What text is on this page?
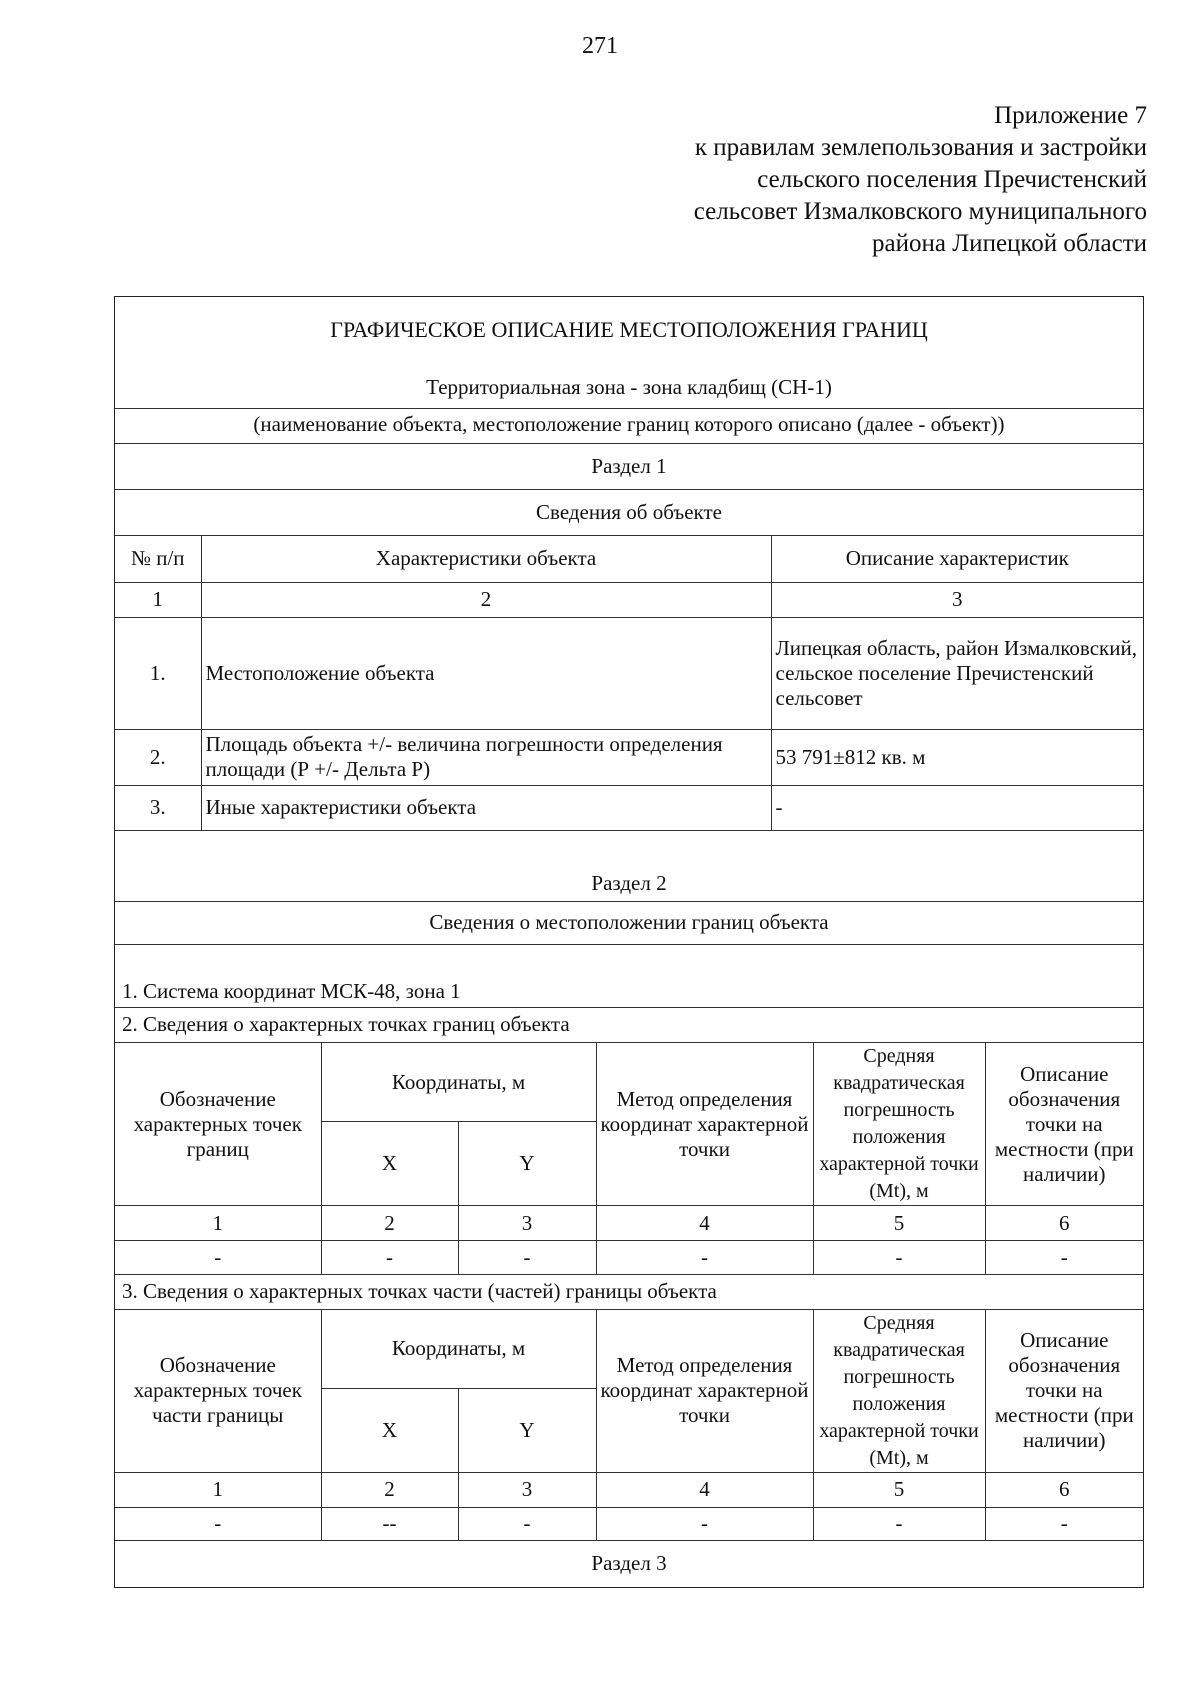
271
Приложение 7
к правилам землепользования и застройки
сельского поселения Пречистенский
сельсовет Измалковского муниципального
района Липецкой области
ГРАФИЧЕСКОЕ ОПИСАНИЕ МЕСТОПОЛОЖЕНИЯ ГРАНИЦ
Территориальная зона - зона кладбищ (СН-1)
(наименование объекта, местоположение границ которого описано (далее - объект))
Раздел 1
Сведения об объекте
№ п/п	Характеристики объекта	Описание характеристик
1	2	3
1.	Местоположение объекта	Липецкая область, район Измалковский, сельское поселение Пречистенский сельсовет
2.	Площадь объекта +/- величина погрешности определения площади (Р +/- Дельта Р)	53 791±812 кв. м
3.	Иные характеристики объекта	-
Раздел 2
Сведения о местоположении границ объекта
1. Система координат МСК-48, зона 1
2. Сведения о характерных точках границ объекта
Обозначение характерных точек границ	Координаты, м		Метод определения координат характерной точки	Средняя квадратическая погрешность положения характерной точки (Mt), м	Описание обозначения точки на местности (при наличии)
	X	Y			
1	2	3	4	5	6
-	-	-	-	-	-
3. Сведения о характерных точках части (частей) границы объекта
Обозначение характерных точек части границы	Координаты, м		Метод определения координат характерной точки	Средняя квадратическая погрешность положения характерной точки (Mt), м	Описание обозначения точки на местности (при наличии)
	X	Y			
1	2	3	4	5	6
-	--	-	-	-	-
Раздел 3
